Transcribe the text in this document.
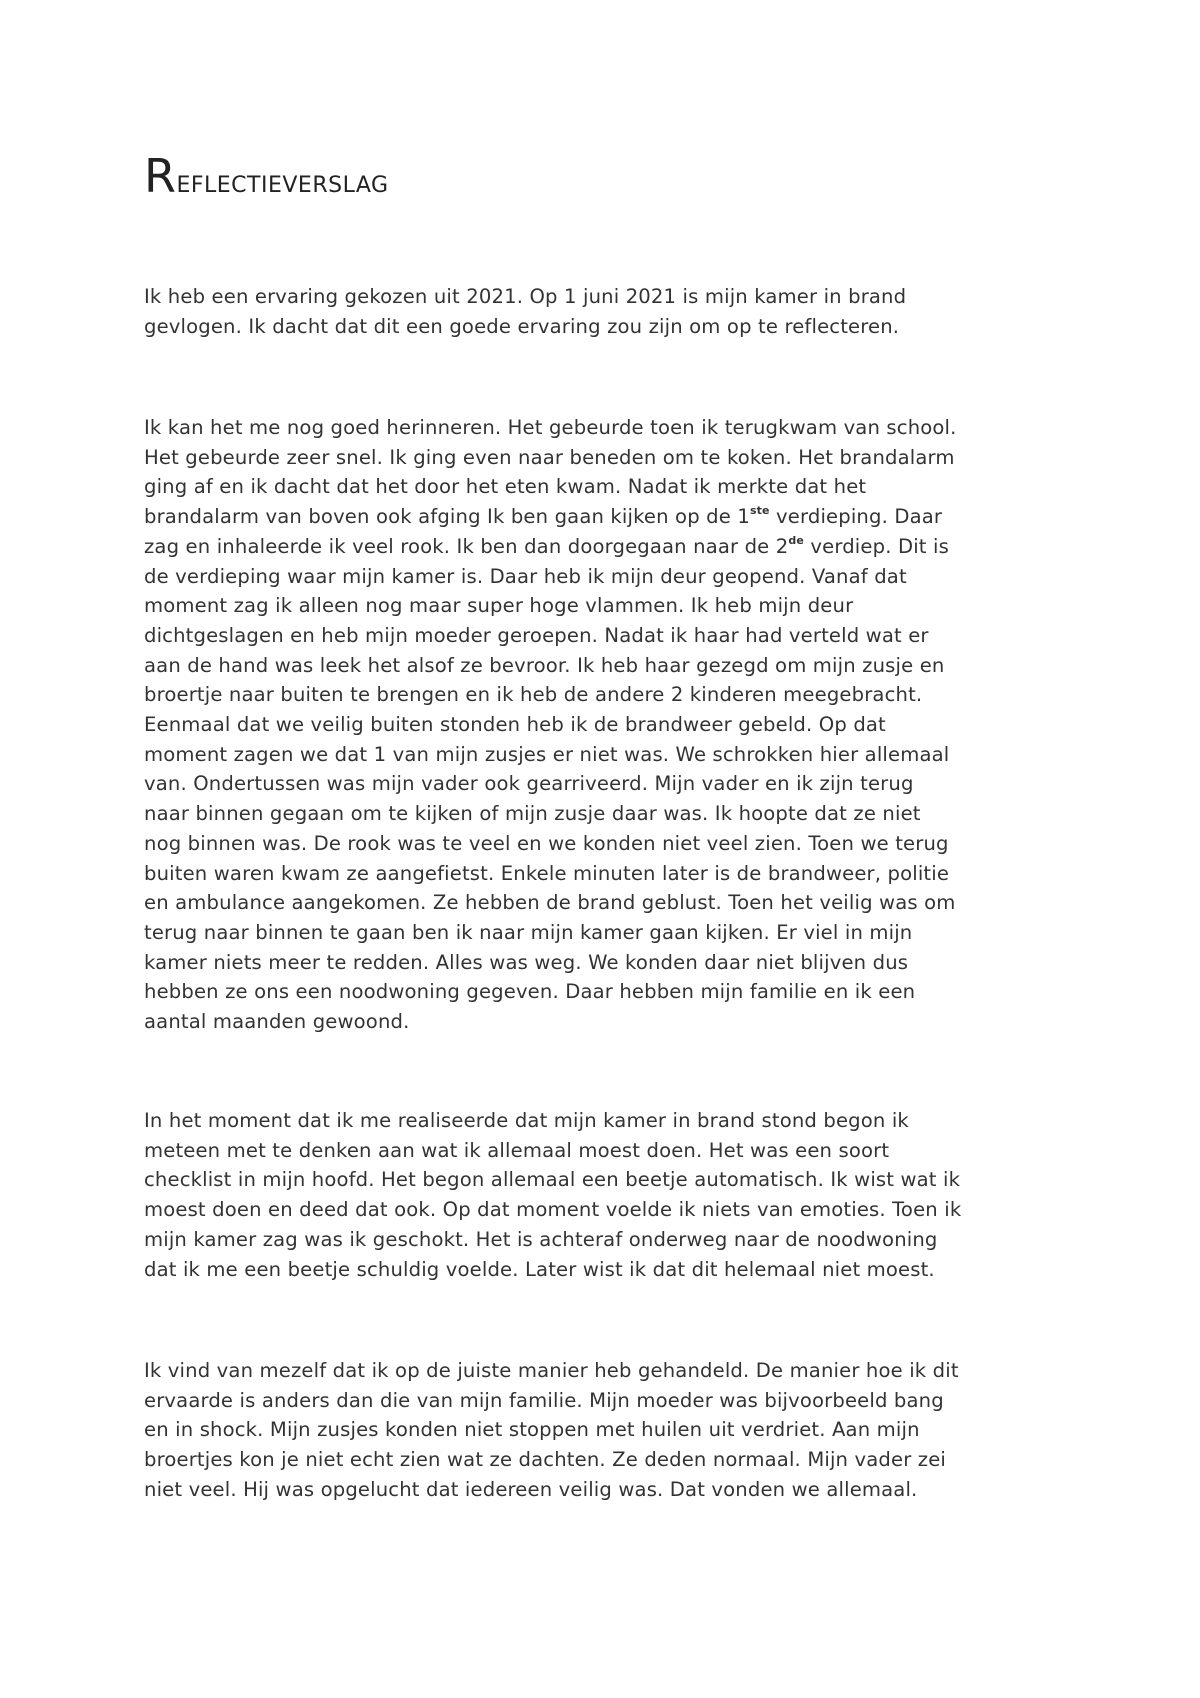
Reflectieverslag

Ik heb een ervaring gekozen uit 2021. Op 1 juni 2021 is mijn kamer in brand
gevlogen. Ik dacht dat dit een goede ervaring zou zijn om op te reflecteren.

Ik kan het me nog goed herinneren. Het gebeurde toen ik terugkwam van school.
Het gebeurde zeer snel. Ik ging even naar beneden om te koken. Het brandalarm
ging af en ik dacht dat het door het eten kwam. Nadat ik merkte dat het
brandalarm van boven ook afging Ik ben gaan kijken op de 1ste verdieping. Daar
zag en inhaleerde ik veel rook. Ik ben dan doorgegaan naar de 2de verdiep. Dit is
de verdieping waar mijn kamer is. Daar heb ik mijn deur geopend. Vanaf dat
moment zag ik alleen nog maar super hoge vlammen. Ik heb mijn deur
dichtgeslagen en heb mijn moeder geroepen. Nadat ik haar had verteld wat er
aan de hand was leek het alsof ze bevroor. Ik heb haar gezegd om mijn zusje en
broertje naar buiten te brengen en ik heb de andere 2 kinderen meegebracht.
Eenmaal dat we veilig buiten stonden heb ik de brandweer gebeld. Op dat
moment zagen we dat 1 van mijn zusjes er niet was. We schrokken hier allemaal
van. Ondertussen was mijn vader ook gearriveerd. Mijn vader en ik zijn terug
naar binnen gegaan om te kijken of mijn zusje daar was. Ik hoopte dat ze niet
nog binnen was. De rook was te veel en we konden niet veel zien. Toen we terug
buiten waren kwam ze aangefietst. Enkele minuten later is de brandweer, politie
en ambulance aangekomen. Ze hebben de brand geblust. Toen het veilig was om
terug naar binnen te gaan ben ik naar mijn kamer gaan kijken. Er viel in mijn
kamer niets meer te redden. Alles was weg. We konden daar niet blijven dus
hebben ze ons een noodwoning gegeven. Daar hebben mijn familie en ik een
aantal maanden gewoond.

In het moment dat ik me realiseerde dat mijn kamer in brand stond begon ik
meteen met te denken aan wat ik allemaal moest doen. Het was een soort
checklist in mijn hoofd. Het begon allemaal een beetje automatisch. Ik wist wat ik
moest doen en deed dat ook. Op dat moment voelde ik niets van emoties. Toen ik
mijn kamer zag was ik geschokt. Het is achteraf onderweg naar de noodwoning
dat ik me een beetje schuldig voelde. Later wist ik dat dit helemaal niet moest.

Ik vind van mezelf dat ik op de juiste manier heb gehandeld. De manier hoe ik dit
ervaarde is anders dan die van mijn familie. Mijn moeder was bijvoorbeeld bang
en in shock. Mijn zusjes konden niet stoppen met huilen uit verdriet. Aan mijn
broertjes kon je niet echt zien wat ze dachten. Ze deden normaal. Mijn vader zei
niet veel. Hij was opgelucht dat iedereen veilig was. Dat vonden we allemaal.
